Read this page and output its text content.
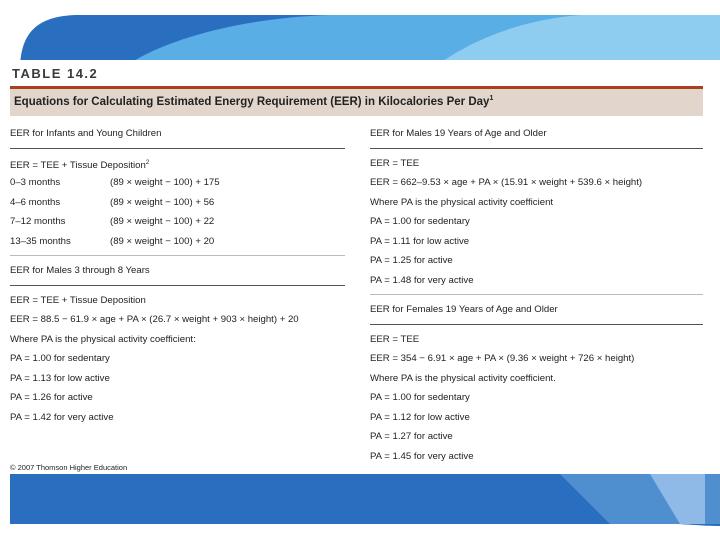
TABLE 14.2
Equations for Calculating Estimated Energy Requirement (EER) in Kilocalories Per Day$^1$
EER for Infants and Young Children
EER = TEE + Tissue Deposition$^2$
0–3 months	(89 × weight − 100) + 175
4–6 months	(89 × weight − 100) + 56
7–12 months	(89 × weight − 100) + 22
13–35 months	(89 × weight − 100) + 20
EER for Males 3 through 8 Years
EER = TEE + Tissue Deposition
EER = 88.5 − 61.9 × age + PA × (26.7 × weight + 903 × height) + 20
Where PA is the physical activity coefficient:
PA = 1.00 for sedentary
PA = 1.13 for low active
PA = 1.26 for active
PA = 1.42 for very active
EER for Males 19 Years of Age and Older
EER = TEE
EER = 662–9.53 × age + PA × (15.91 × weight + 539.6 × height)
Where PA is the physical activity coefficient
PA = 1.00 for sedentary
PA = 1.11 for low active
PA = 1.25 for active
PA = 1.48 for very active
EER for Females 19 Years of Age and Older
EER = TEE
EER = 354 − 6.91 × age + PA × (9.36 × weight + 726 × height)
Where PA is the physical activity coefficient.
PA = 1.00 for sedentary
PA = 1.12 for low active
PA = 1.27 for active
PA = 1.45 for very active
© 2007 Thomson Higher Education
